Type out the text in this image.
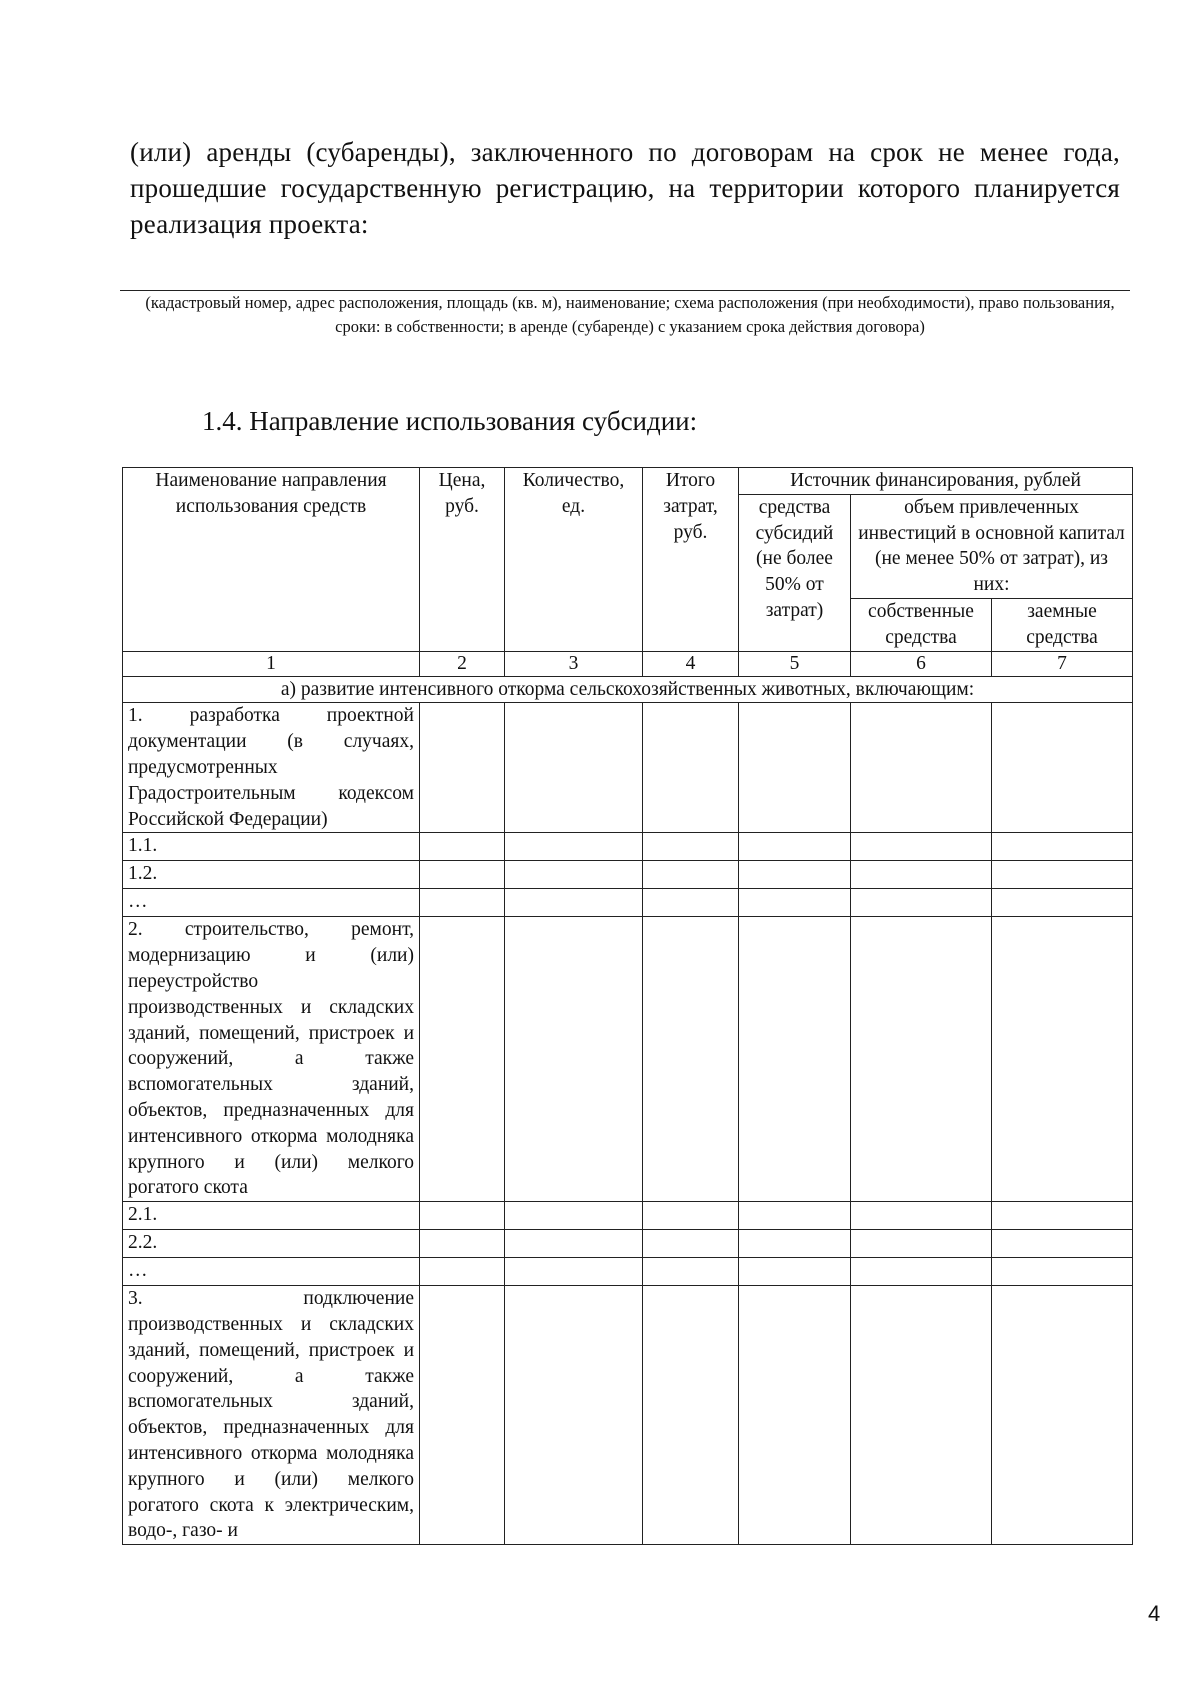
(или) аренды (субаренды), заключенного по договорам на срок не менее года, прошедшие государственную регистрацию, на территории которого планируется реализация проекта:
(кадастровый номер, адрес расположения, площадь (кв. м), наименование; схема расположения (при необходимости), право пользования, сроки: в собственности; в аренде (субаренде) с указанием срока действия договора)
1.4. Направление использования субсидии:
Наименование направления использования средств	Цена, руб.	Количество, ед.	Итого затрат, руб.	Источник финансирования, рублей		
				средства субсидий (не более 50% от затрат)	объем привлеченных инвестиций в основной капитал (не менее 50% от затрат), из них:	
					собственные средства	заемные средства
1	2	3	4	5	6	7
а) развитие интенсивного откорма сельскохозяйственных животных, включающим:						
1. разработка проектной документации (в случаях, предусмотренных Градостроительным кодексом Российской Федерации)						
1.1.						
1.2.						
…						
2. строительство, ремонт, модернизацию и (или) переустройство производственных и складских зданий, помещений, пристроек и сооружений, а также вспомогательных зданий, объектов, предназначенных для интенсивного откорма молодняка крупного и (или) мелкого рогатого скота						
2.1.						
2.2.						
…						
3. подключение производственных и складских зданий, помещений, пристроек и сооружений, а также вспомогательных зданий, объектов, предназначенных для интенсивного откорма молодняка крупного и (или) мелкого рогатого скота к электрическим, водо-, газо- и						
4
